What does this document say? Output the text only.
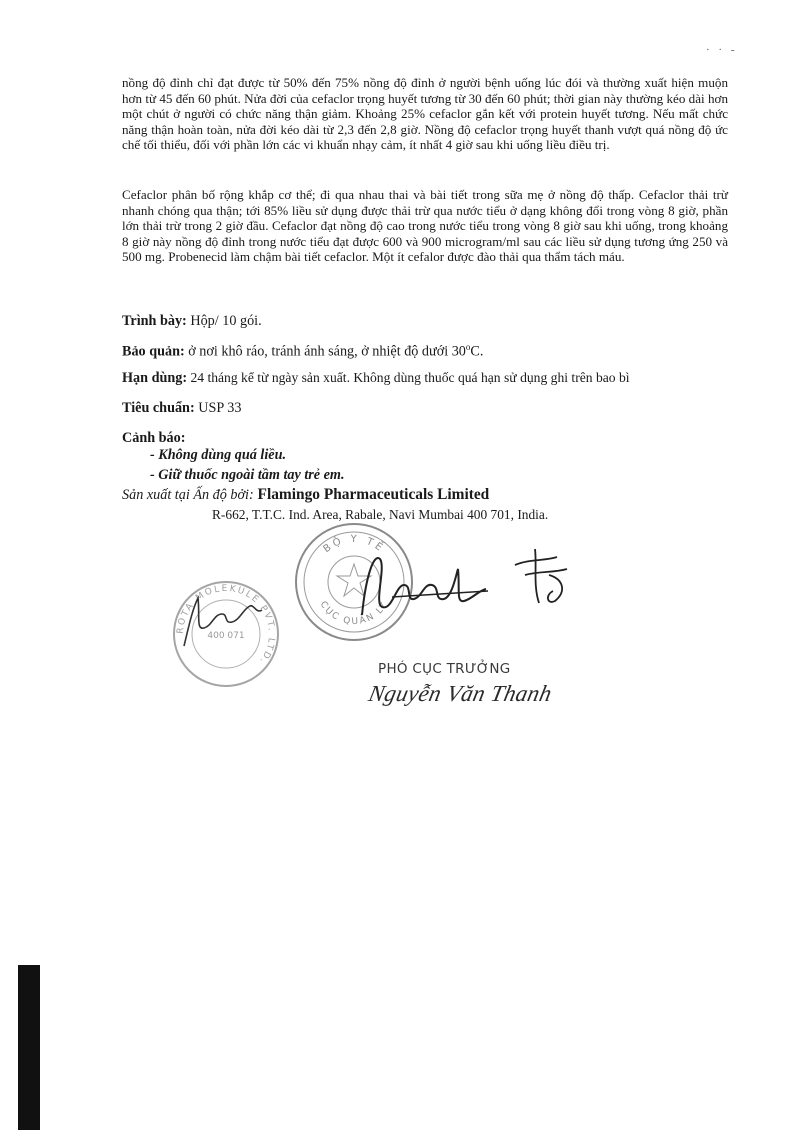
· · -

nồng độ đỉnh chỉ đạt được từ 50% đến 75% nồng độ đỉnh ở người bệnh uống lúc đói và thường xuất hiện muộn hơn từ 45 đến 60 phút. Nửa đời của cefaclor trọng huyết tương từ 30 đến 60 phút; thời gian này thường kéo dài hơn một chút ở người có chức năng thận giảm. Khoảng 25% cefaclor gắn kết với protein huyết tương. Nếu mất chức năng thận hoàn toàn, nửa đời kéo dài từ 2,3 đến 2,8 giờ. Nồng độ cefaclor trọng huyết thanh vượt quá nồng độ ức chế tối thiểu, đối với phần lớn các vi khuẩn nhạy cảm, ít nhất 4 giờ sau khi uống liều điều trị.

Cefaclor phân bố rộng khắp cơ thể; đi qua nhau thai và bài tiết trong sữa mẹ ở nồng độ thấp. Cefaclor thải trừ nhanh chóng qua thận; tới 85% liều sử dụng được thải trừ qua nước tiểu ở dạng không đổi trong vòng 8 giờ, phần lớn thải trừ trong 2 giờ đầu. Cefaclor đạt nồng độ cao trong nước tiểu trong vòng 8 giờ sau khi uống, trong khoảng 8 giờ này nồng độ đỉnh trong nước tiểu đạt được 600 và 900 microgram/ml sau các liều sử dụng tương ứng 250 và 500 mg. Probenecid làm chậm bài tiết cefaclor. Một ít cefalor được đào thải qua thẩm tách máu.

Trình bày: Hộp/ 10 gói.
Bảo quản: ở nơi khô ráo, tránh ánh sáng, ở nhiệt độ dưới 30$^o$C.
Hạn dùng: 24 tháng kể từ ngày sản xuất. Không dùng thuốc quá hạn sử dụng ghi trên bao bì
Tiêu chuẩn: USP 33
Cảnh báo:
- Không dùng quá liều.
- Giữ thuốc ngoài tầm tay trẻ em.
Sản xuất tại Ấn độ bởi: Flamingo Pharmaceuticals Limited
R-662, T.T.C. Ind. Area, Rabale, Navi Mumbai 400 701, India.
BỘ Y TẾ
CỤC QUẢN LÝ
ROTA MOLEKULE PVT. LTD.
400 071
PHÓ CỤC TRƯỞNG
Nguyễn Văn Thanh
